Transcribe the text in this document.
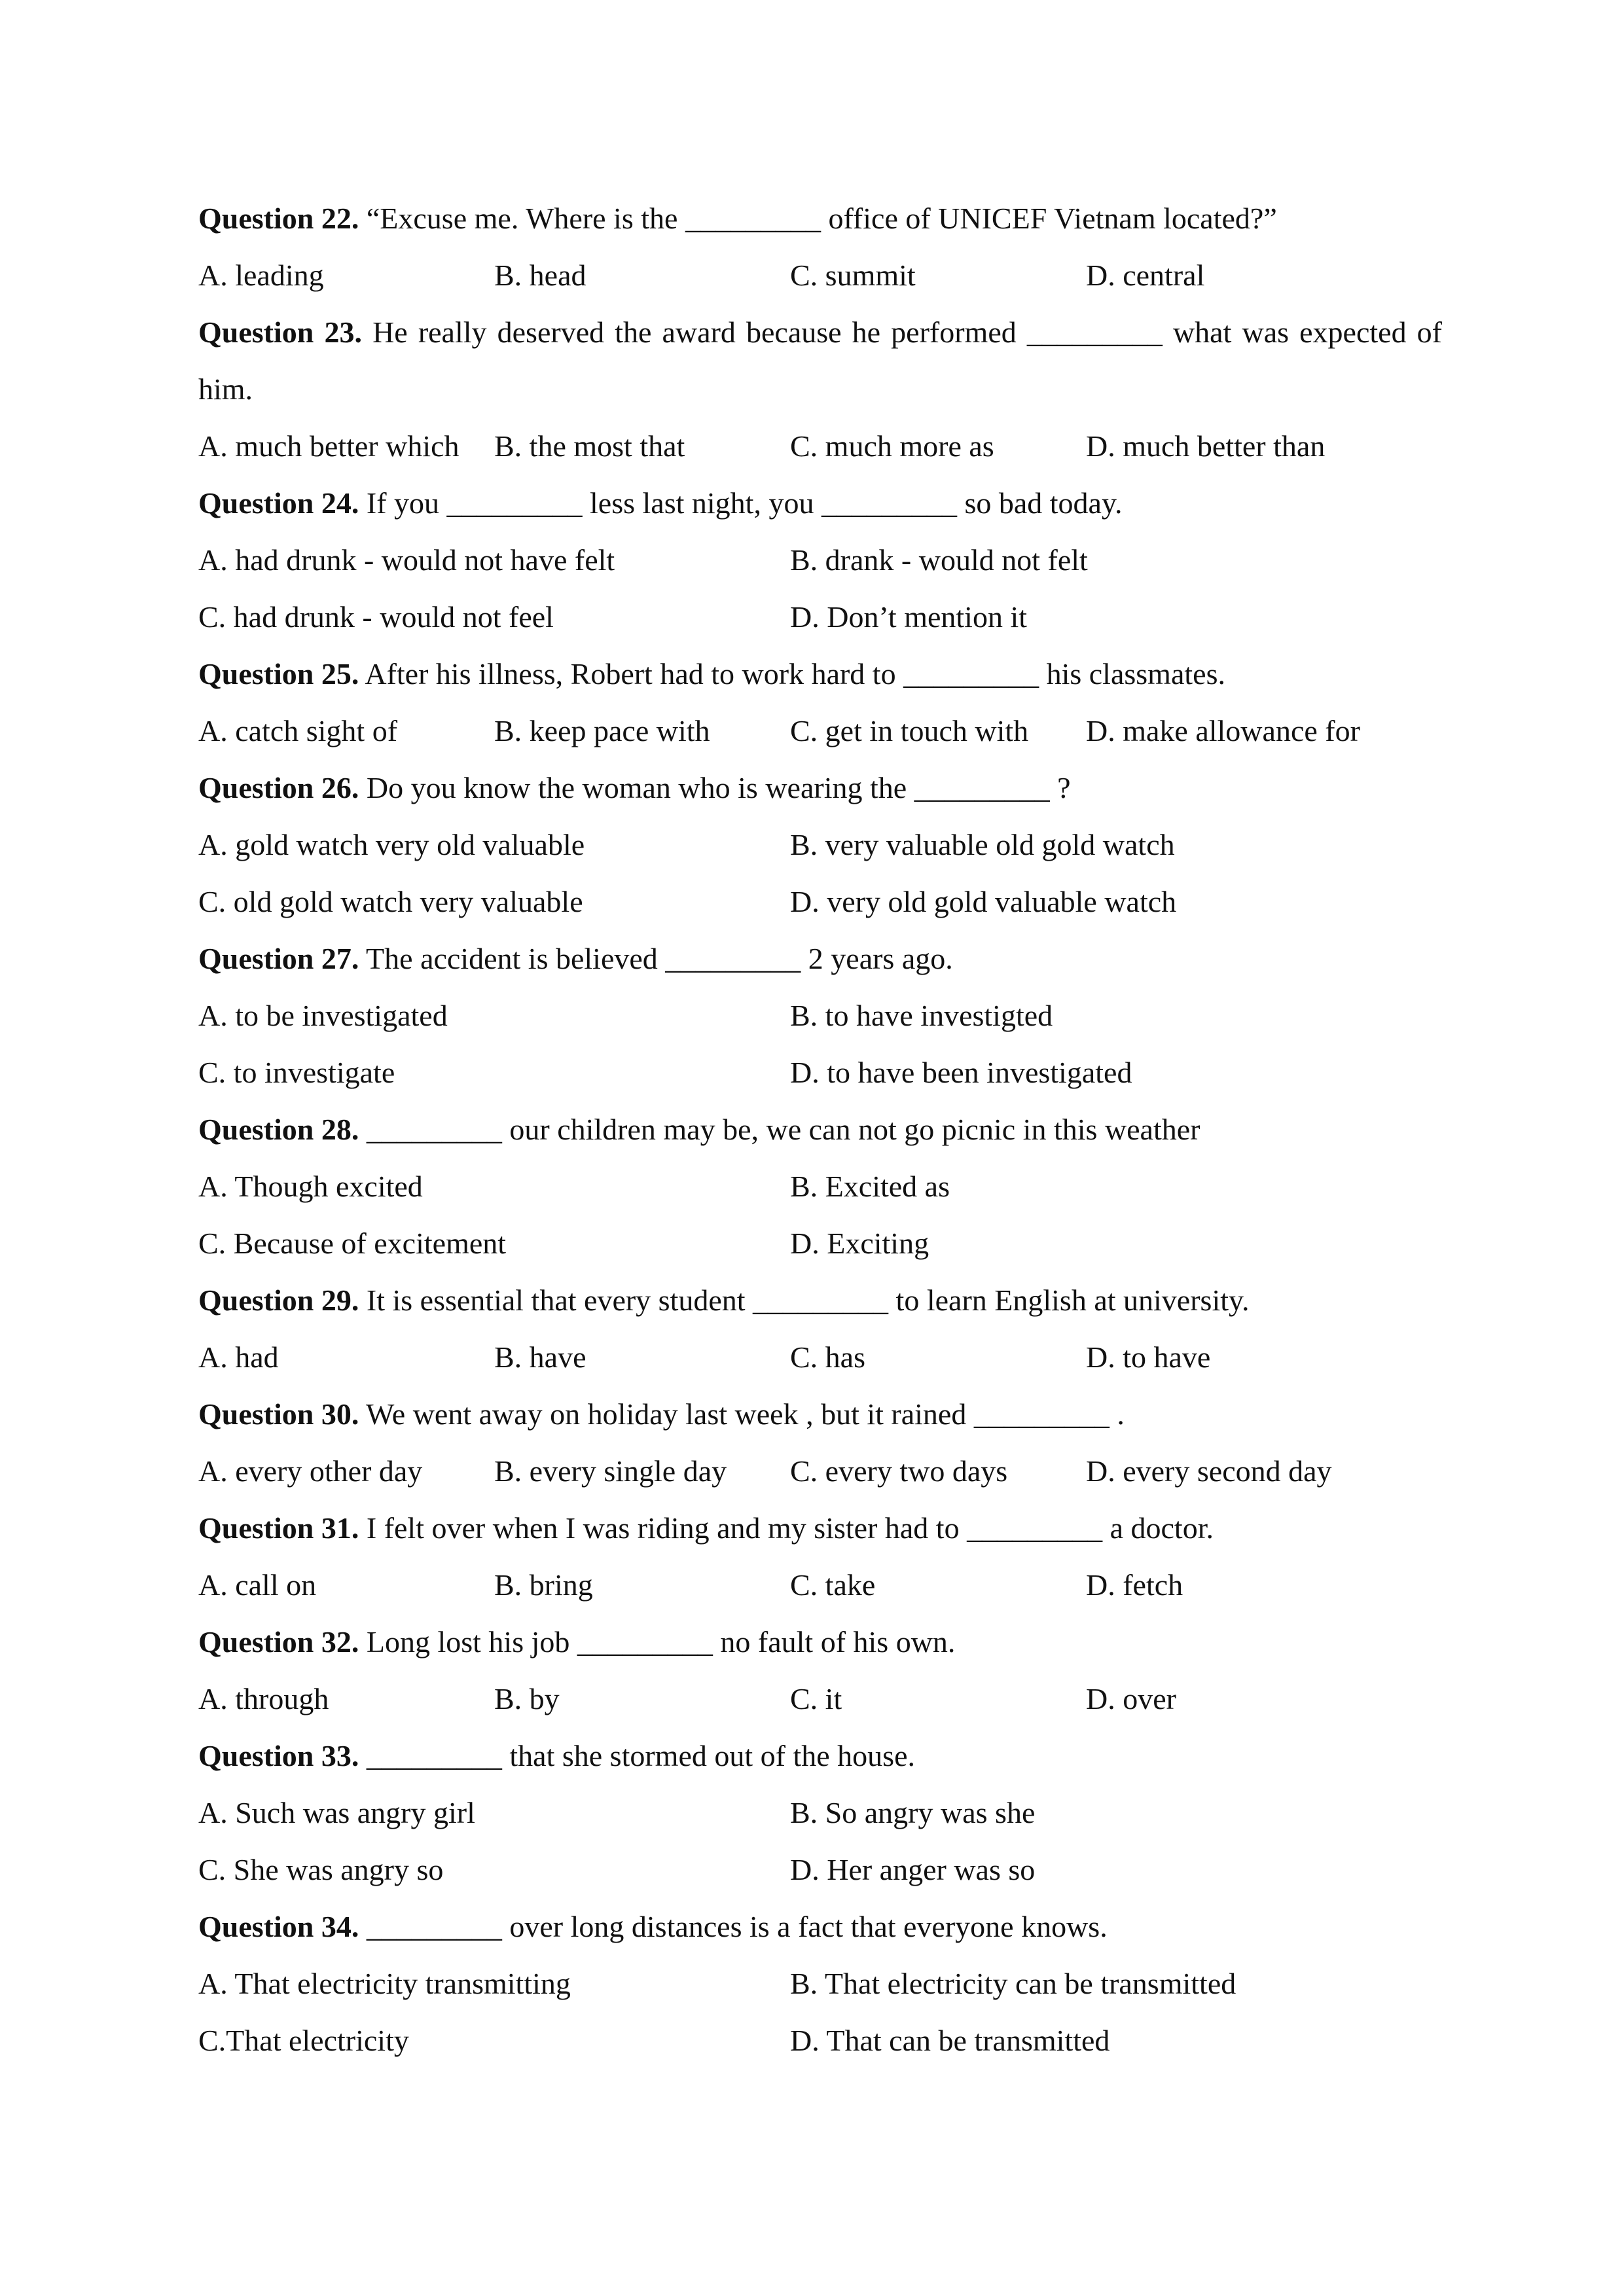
Question 22. “Excuse me. Where is the _________ office of UNICEF Vietnam located?”
A. leading	B. head	C. summit	D. central
Question 23. He really deserved the award because he performed _________ what was expected of him.
A. much better which B. the most that	C. much more as	D. much better than
Question 24. If you _________ less last night, you _________ so bad today.
A. had drunk - would not have felt	B. drank - would not felt
C. had drunk - would not feel	D. Don’t mention it
Question 25. After his illness, Robert had to work hard to _________ his classmates.
A. catch sight of	B. keep pace with	C. get in touch with D. make allowance for
Question 26. Do you know the woman who is wearing the _________ ?
A. gold watch very old valuable	B. very valuable old gold watch
C. old gold watch very valuable	D. very old gold valuable watch
Question 27. The accident is believed _________ 2 years ago.
A. to be investigated	B. to have investigted
C. to investigate	D. to have been investigated
Question 28. _________ our children may be, we can not go picnic in this weather
A. Though excited	B. Excited as
C. Because of excitement	D. Exciting
Question 29. It is essential that every student _________ to learn English at university.
A. had	B. have	C. has	D. to have
Question 30. We went away on holiday last week , but it rained _________ .
A. every other day B. every single day C. every two days	D. every second day
Question 31. I felt over when I was riding and my sister had to _________ a doctor.
A. call on	B. bring	C. take	D. fetch
Question 32. Long lost his job _________ no fault of his own.
A. through	B. by	C. it	D. over
Question 33. _________ that she stormed out of the house.
A. Such was angry girl	B. So angry was she
C. She was angry so	D. Her anger was so
Question 34. _________ over long distances is a fact that everyone knows.
A. That electricity transmitting	B. That electricity can be transmitted
C.That electricity	D. That can be transmitted
